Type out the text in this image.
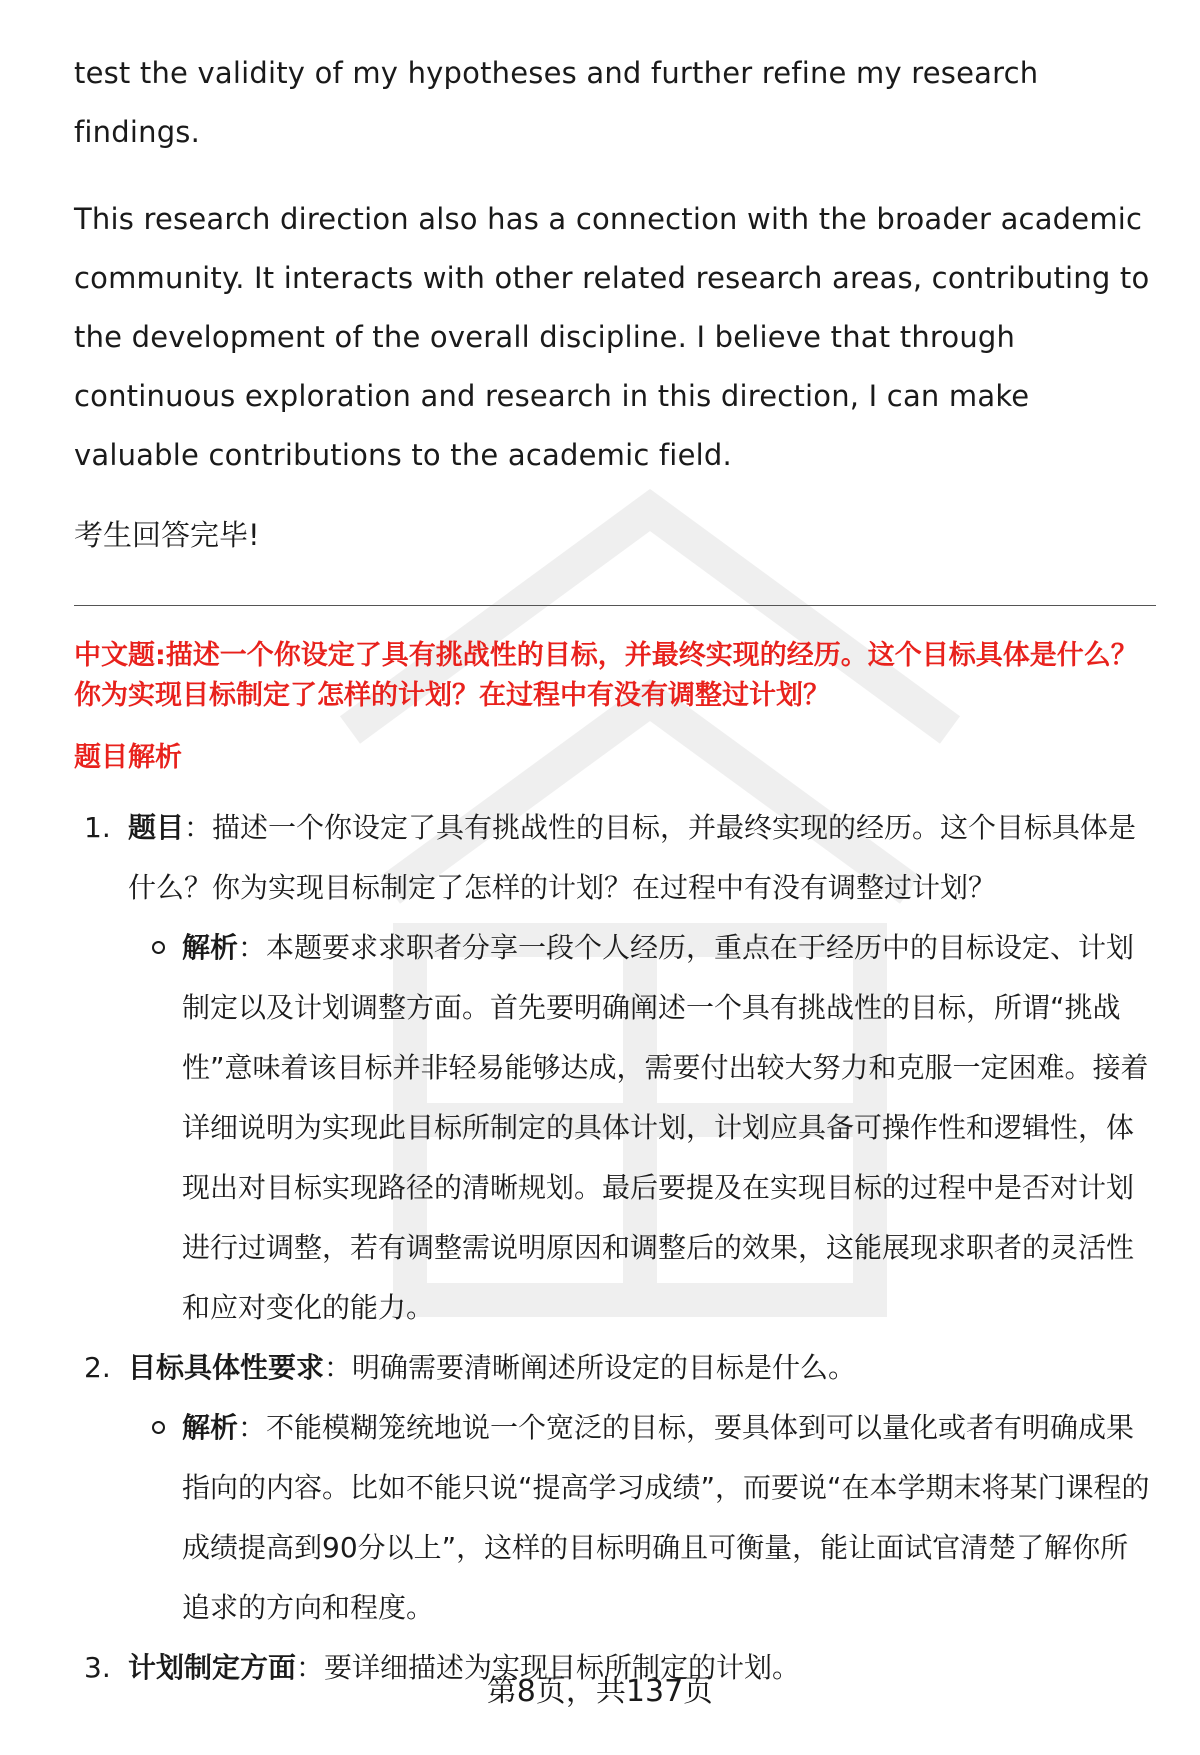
test the validity of my hypotheses and further refine my research findings.

This research direction also has a connection with the broader academic community. It interacts with other related research areas, contributing to the development of the overall discipline. I believe that through continuous exploration and research in this direction, I can make valuable contributions to the academic field.

考生回答完毕!

中文题:描述一个你设定了具有挑战性的目标，并最终实现的经历。这个目标具体是什么？你为实现目标制定了怎样的计划？在过程中有没有调整过计划？
题目解析
1. 题目：描述一个你设定了具有挑战性的目标，并最终实现的经历。这个目标具体是什么？你为实现目标制定了怎样的计划？在过程中有没有调整过计划？
解析：本题要求求职者分享一段个人经历，重点在于经历中的目标设定、计划制定以及计划调整方面。首先要明确阐述一个具有挑战性的目标，所谓“挑战性”意味着该目标并非轻易能够达成，需要付出较大努力和克服一定困难。接着详细说明为实现此目标所制定的具体计划，计划应具备可操作性和逻辑性，体现出对目标实现路径的清晰规划。最后要提及在实现目标的过程中是否对计划进行过调整，若有调整需说明原因和调整后的效果，这能展现求职者的灵活性和应对变化的能力。
2. 目标具体性要求：明确需要清晰阐述所设定的目标是什么。
解析：不能模糊笼统地说一个宽泛的目标，要具体到可以量化或者有明确成果指向的内容。比如不能只说“提高学习成绩”，而要说“在本学期末将某门课程的成绩提高到90分以上”，这样的目标明确且可衡量，能让面试官清楚了解你所追求的方向和程度。
3. 计划制定方面：要详细描述为实现目标所制定的计划。
第8页，共137页
